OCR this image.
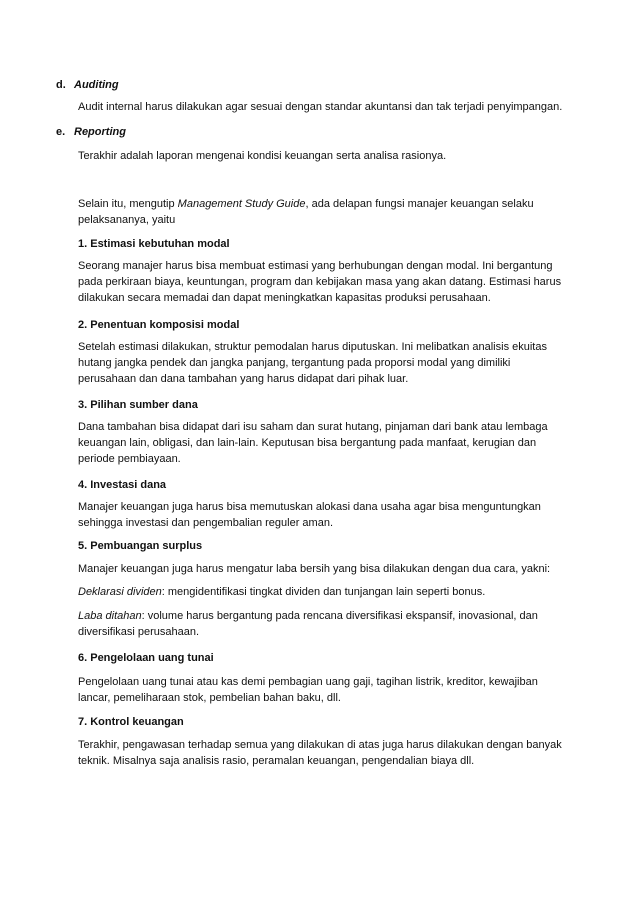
d. Auditing

Audit internal harus dilakukan agar sesuai dengan standar akuntansi dan tak terjadi penyimpangan.

e. Reporting

Terakhir adalah laporan mengenai kondisi keuangan serta analisa rasionya.

Selain itu, mengutip Management Study Guide, ada delapan fungsi manajer keuangan selaku pelaksananya, yaitu

1. Estimasi kebutuhan modal

Seorang manajer harus bisa membuat estimasi yang berhubungan dengan modal. Ini bergantung pada perkiraan biaya, keuntungan, program dan kebijakan masa yang akan datang. Estimasi harus dilakukan secara memadai dan dapat meningkatkan kapasitas produksi perusahaan.

2. Penentuan komposisi modal

Setelah estimasi dilakukan, struktur pemodalan harus diputuskan. Ini melibatkan analisis ekuitas hutang jangka pendek dan jangka panjang, tergantung pada proporsi modal yang dimiliki perusahaan dan dana tambahan yang harus didapat dari pihak luar.

3. Pilihan sumber dana

Dana tambahan bisa didapat dari isu saham dan surat hutang, pinjaman dari bank atau lembaga keuangan lain, obligasi, dan lain-lain. Keputusan bisa bergantung pada manfaat, kerugian dan periode pembiayaan.

4. Investasi dana

Manajer keuangan juga harus bisa memutuskan alokasi dana usaha agar bisa menguntungkan sehingga investasi dan pengembalian reguler aman.

5. Pembuangan surplus

Manajer keuangan juga harus mengatur laba bersih yang bisa dilakukan dengan dua cara, yakni:

Deklarasi dividen: mengidentifikasi tingkat dividen dan tunjangan lain seperti bonus.

Laba ditahan: volume harus bergantung pada rencana diversifikasi ekspansif, inovasional, dan diversifikasi perusahaan.

6. Pengelolaan uang tunai

Pengelolaan uang tunai atau kas demi pembagian uang gaji, tagihan listrik, kreditor, kewajiban lancar, pemeliharaan stok, pembelian bahan baku, dll.

7. Kontrol keuangan

Terakhir, pengawasan terhadap semua yang dilakukan di atas juga harus dilakukan dengan banyak teknik. Misalnya saja analisis rasio, peramalan keuangan, pengendalian biaya dll.
